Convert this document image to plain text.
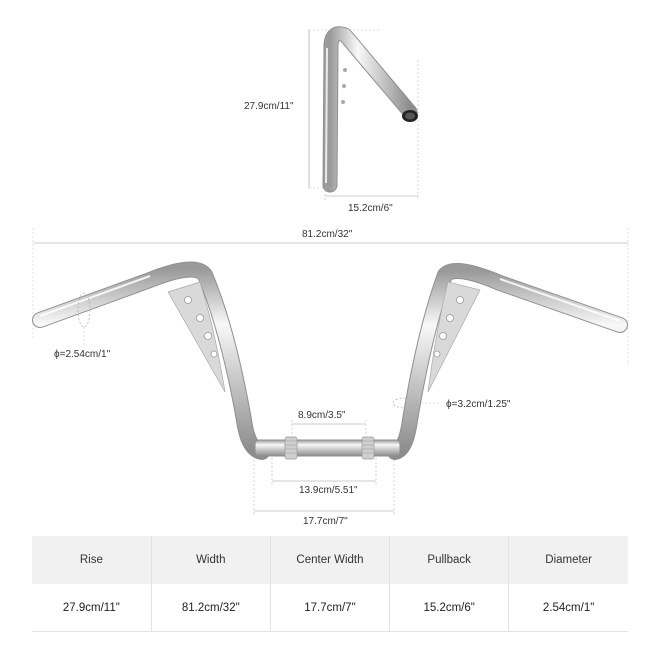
27.9cm/11"
15.2cm/6"
81.2cm/32"
ϕ=2.54cm/1"
ϕ=3.2cm/1.25"
8.9cm/3.5"
13.9cm/5.51"
17.7cm/7"
Rise	Width	Center Width	Pullback	Diameter
27.9cm/11"	81.2cm/32"	17.7cm/7"	15.2cm/6"	2.54cm/1"
